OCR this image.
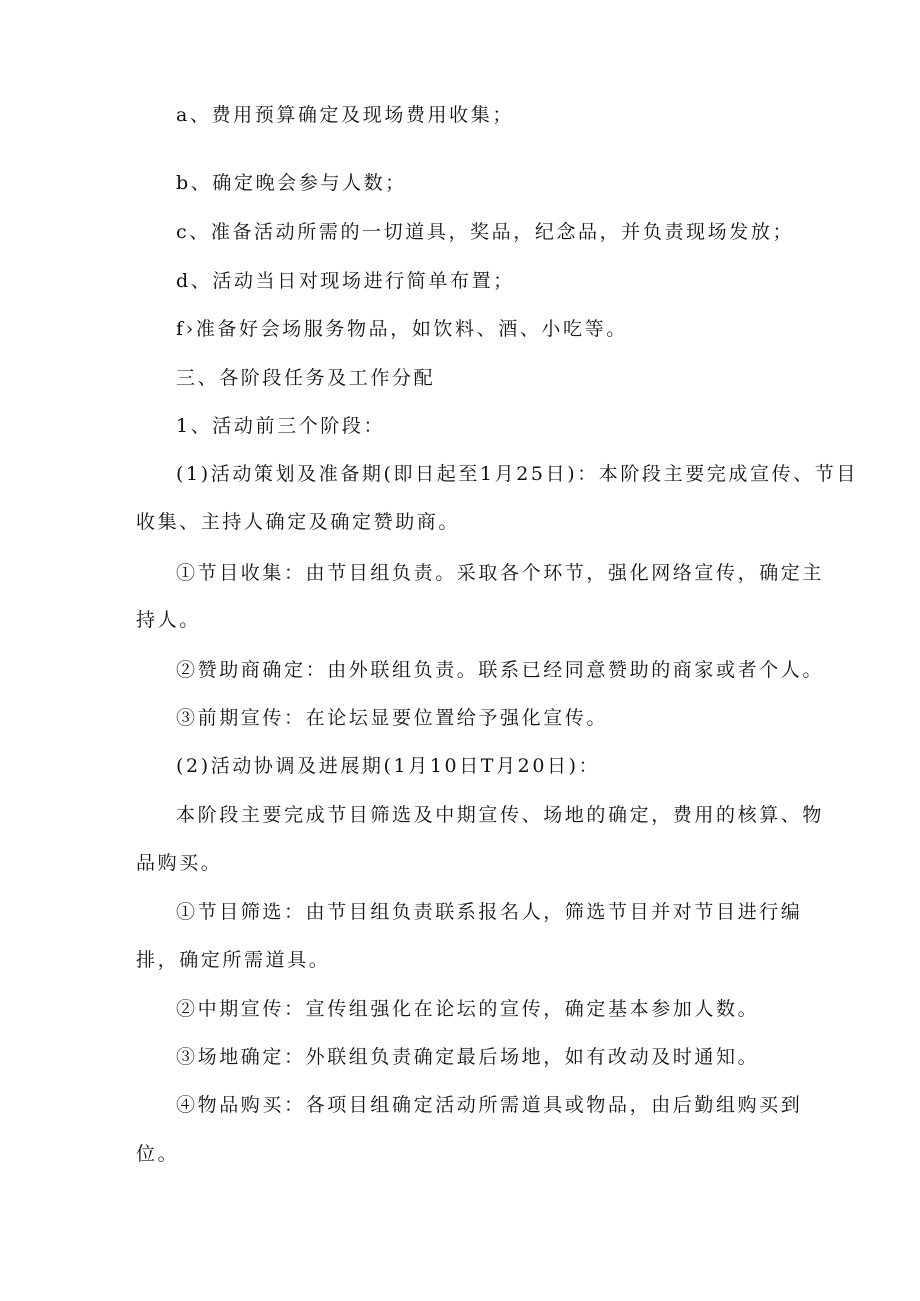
a、费用预算确定及现场费用收集；
b、确定晚会参与人数；
c、准备活动所需的一切道具，奖品，纪念品，并负责现场发放；
d、活动当日对现场进行简单布置；
f›准备好会场服务物品，如饮料、酒、小吃等。
三、各阶段任务及工作分配
1、活动前三个阶段：
(1)活动策划及准备期(即日起至1月25日)：本阶段主要完成宣传、节目
收集、主持人确定及确定赞助商。
①节目收集：由节目组负责。采取各个环节，强化网络宣传，确定主
持人。
②赞助商确定：由外联组负责。联系已经同意赞助的商家或者个人。
③前期宣传：在论坛显要位置给予强化宣传。
(2)活动协调及进展期(1月10日T月20日)：
本阶段主要完成节目筛选及中期宣传、场地的确定，费用的核算、物
品购买。
①节目筛选：由节目组负责联系报名人，筛选节目并对节目进行编
排，确定所需道具。
②中期宣传：宣传组强化在论坛的宣传，确定基本参加人数。
③场地确定：外联组负责确定最后场地，如有改动及时通知。
④物品购买：各项目组确定活动所需道具或物品，由后勤组购买到
位。
